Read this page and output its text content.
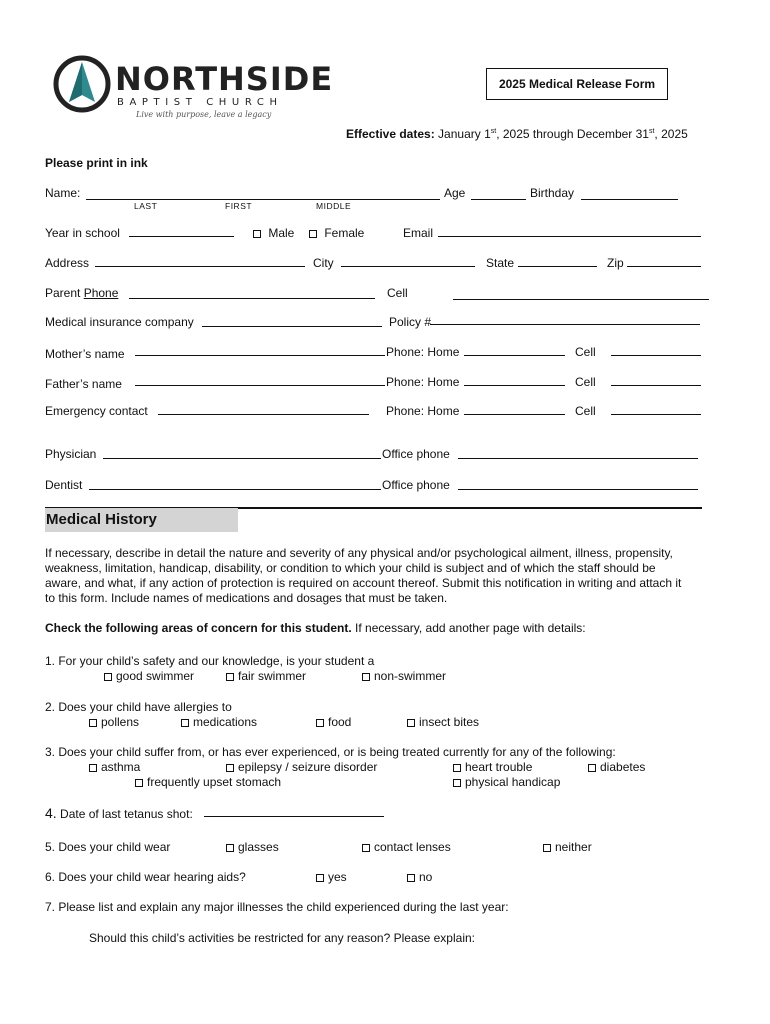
NORTHSIDE
BAPTIST CHURCH
Live with purpose, leave a legacy
2025 Medical Release Form
Effective dates: January 1st, 2025 through December 31st, 2025
Please print in ink
Name:	Age	Birthday
LAST	FIRST	MIDDLE
Year in school	Male	Female	Email
Address	City	State	Zip
Parent Phone	Cell
Medical insurance company	Policy #
Mother’s name	Phone: Home	Cell
Father’s name	Phone: Home	Cell
Emergency contact	Phone: Home	Cell
Physician	Office phone
Dentist	Office phone
Medical History

If necessary, describe in detail the nature and severity of any physical and/or psychological ailment, illness, propensity,

weakness, limitation, handicap, disability, or condition to which your child is subject and of which the staff should be

aware, and what, if any action of protection is required on account thereof. Submit this notification in writing and attach it

to this form. Include names of medications and dosages that must be taken.

Check the following areas of concern for this student. If necessary, add another page with details:
1. For your child’s safety and our knowledge, is your student a
good swimmer	fair swimmer	non-swimmer
2. Does your child have allergies to
pollens	medications	food	insect bites
3. Does your child suffer from, or has ever experienced, or is being treated currently for any of the following:
asthma	epilepsy / seizure disorder	heart trouble	diabetes
frequently upset stomach	physical handicap
4. Date of last tetanus shot:
5. Does your child wear	glasses	contact lenses	neither
6. Does your child wear hearing aids?	yes	no
7. Please list and explain any major illnesses the child experienced during the last year:
Should this child’s activities be restricted for any reason? Please explain:
